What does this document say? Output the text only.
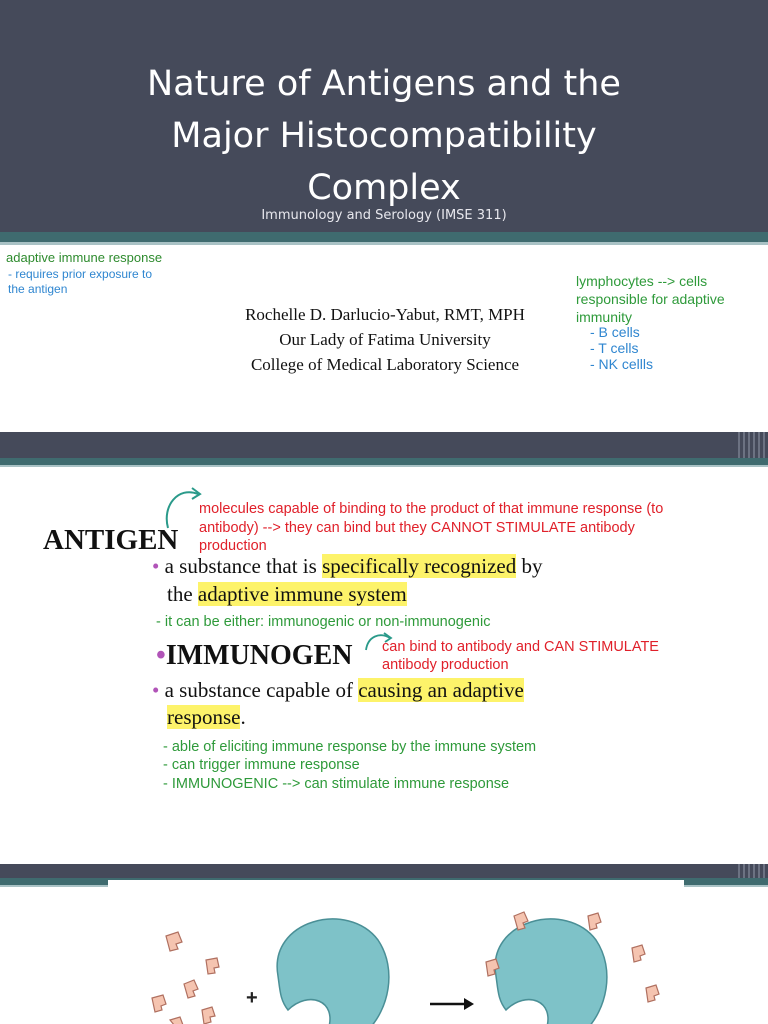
Nature of Antigens and the
Major Histocompatibility
Complex
Immunology and Serology (IMSE 311)
adaptive immune response
- requires prior exposure to
the antigen	lymphocytes --> cells responsible for adaptive immunity
- B cells
- T cells
- NK cellls
Rochelle D. Darlucio-Yabut, RMT, MPH
Our Lady of Fatima University
College of Medical Laboratory Science
molecules capable of binding to the product of that immune response (to
antibody) --> they can bind but they CANNOT STIMULATE antibody
production
ANTIGEN
• a substance that is specifically recognized by
the adaptive immune system
- it can be either: immunogenic or non-immunogenic
•IMMUNOGEN can bind to antibody and CAN STIMULATE
antibody production
• a substance capable of causing an adaptive
response.
- able of eliciting immune response by the immune system
- can trigger immune response
- IMMUNOGENIC --> can stimulate immune response
+
